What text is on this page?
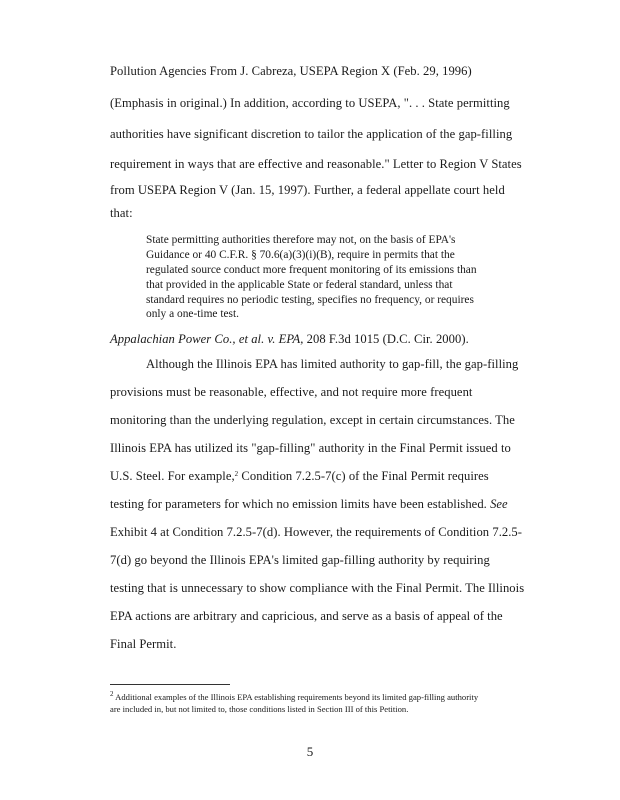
Pollution Agencies From J. Cabreza, USEPA Region X (Feb. 29, 1996)
(Emphasis in original.) In addition, according to USEPA, ". . . State permitting
authorities have significant discretion to tailor the application of the gap-filling
requirement in ways that are effective and reasonable." Letter to Region V States
from USEPA Region V (Jan. 15, 1997). Further, a federal appellate court held
that:
State permitting authorities therefore may not, on the basis of EPA's
Guidance or 40 C.F.R. § 70.6(a)(3)(i)(B), require in permits that the
regulated source conduct more frequent monitoring of its emissions than
that provided in the applicable State or federal standard, unless that
standard requires no periodic testing, specifies no frequency, or requires
only a one-time test.
Appalachian Power Co., et al. v. EPA, 208 F.3d 1015 (D.C. Cir. 2000).
Although the Illinois EPA has limited authority to gap-fill, the gap-filling
provisions must be reasonable, effective, and not require more frequent
monitoring than the underlying regulation, except in certain circumstances. The
Illinois EPA has utilized its "gap-filling" authority in the Final Permit issued to
U.S. Steel. For example,$^2$ Condition 7.2.5-7(c) of the Final Permit requires
testing for parameters for which no emission limits have been established. See
Exhibit 4 at Condition 7.2.5-7(d). However, the requirements of Condition 7.2.5-
7(d) go beyond the Illinois EPA's limited gap-filling authority by requiring
testing that is unnecessary to show compliance with the Final Permit. The Illinois
EPA actions are arbitrary and capricious, and serve as a basis of appeal of the
Final Permit.
$^2$ Additional examples of the Illinois EPA establishing requirements beyond its limited gap-filling authority
are included in, but not limited to, those conditions listed in Section III of this Petition.
5
